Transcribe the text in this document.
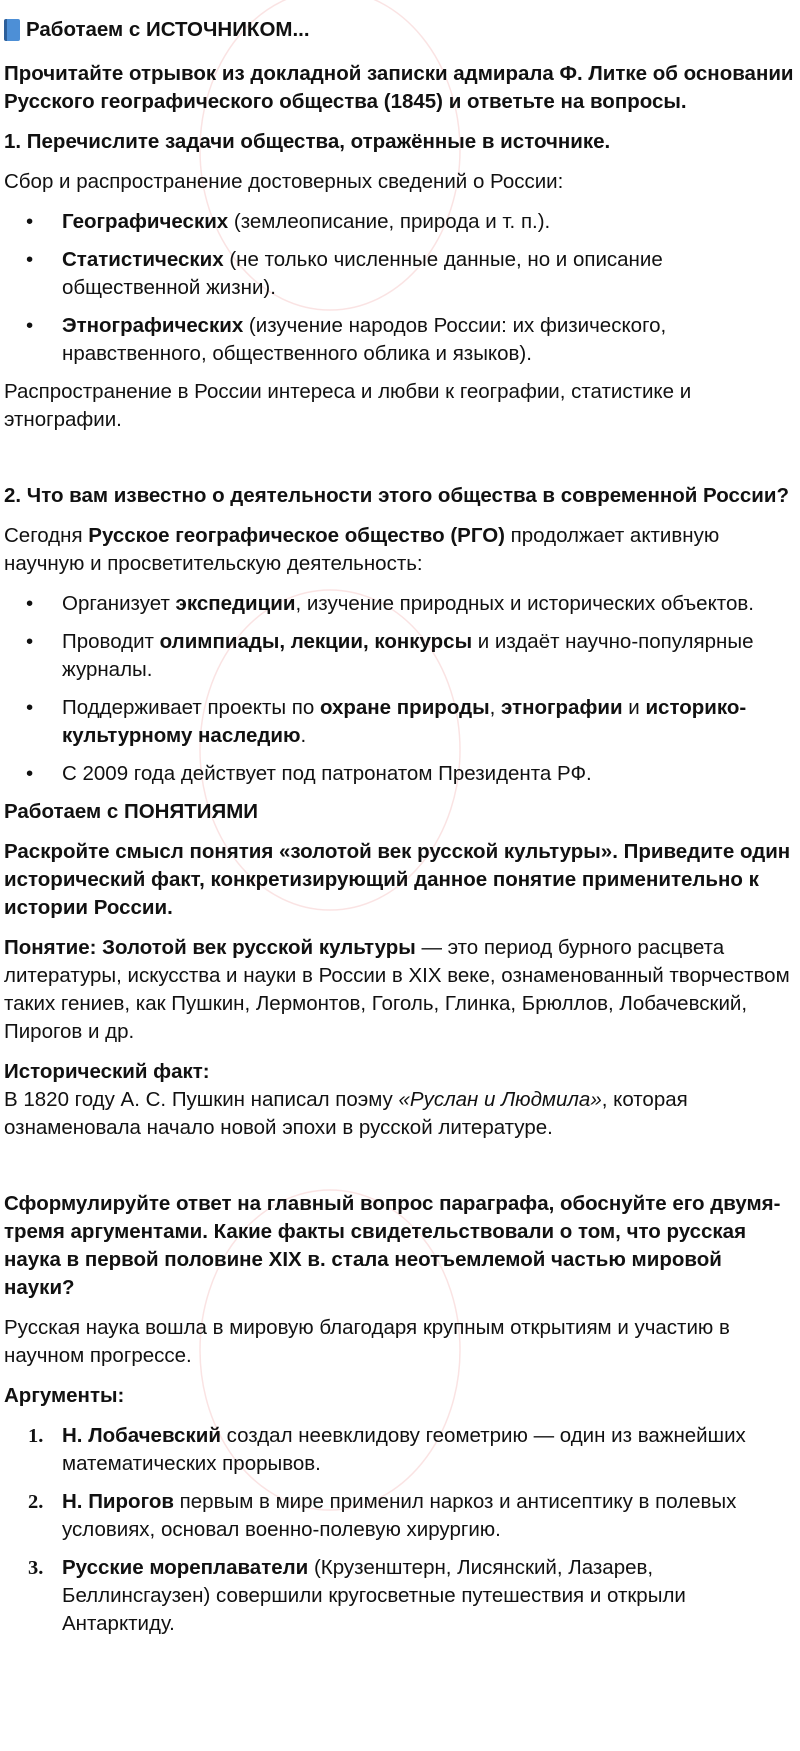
Работаем с ИСТОЧНИКОМ...

Прочитайте отрывок из докладной записки адмирала Ф. Литке об основании Русского географического общества (1845) и ответьте на вопросы.

1. Перечислите задачи общества, отражённые в источнике.

Сбор и распространение достоверных сведений о России:

• Географических (землеописание, природа и т. п.).
• Статистических (не только численные данные, но и описание общественной жизни).
• Этнографических (изучение народов России: их физического, нравственного, общественного облика и языков).

Распространение в России интереса и любви к географии, статистике и этнографии.

2. Что вам известно о деятельности этого общества в современной России?

Сегодня Русское географическое общество (РГО) продолжает активную научную и просветительскую деятельность:

• Организует экспедиции, изучение природных и исторических объектов.
• Проводит олимпиады, лекции, конкурсы и издаёт научно-популярные журналы.
• Поддерживает проекты по охране природы, этнографии и историко-культурному наследию.
• С 2009 года действует под патронатом Президента РФ.

Работаем с ПОНЯТИЯМИ

Раскройте смысл понятия «золотой век русской культуры». Приведите один исторический факт, конкретизирующий данное понятие применительно к истории России.

Понятие: Золотой век русской культуры — это период бурного расцвета литературы, искусства и науки в России в XIX веке, ознаменованный творчеством таких гениев, как Пушкин, Лермонтов, Гоголь, Глинка, Брюллов, Лобачевский, Пирогов и др.

Исторический факт:
В 1820 году А. С. Пушкин написал поэму «Руслан и Людмила», которая ознаменовала начало новой эпохи в русской литературе.

Сформулируйте ответ на главный вопрос параграфа, обоснуйте его двумя-тремя аргументами. Какие факты свидетельствовали о том, что русская наука в первой половине XIX в. стала неотъемлемой частью мировой науки?

Русская наука вошла в мировую благодаря крупным открытиям и участию в научном прогрессе.

Аргументы:

1. Н. Лобачевский создал неевклидову геометрию — один из важнейших математических прорывов.
2. Н. Пирогов первым в мире применил наркоз и антисептику в полевых условиях, основал военно-полевую хирургию.
3. Русские мореплаватели (Крузенштерн, Лисянский, Лазарев, Беллинсгаузен) совершили кругосветные путешествия и открыли Антарктиду.
